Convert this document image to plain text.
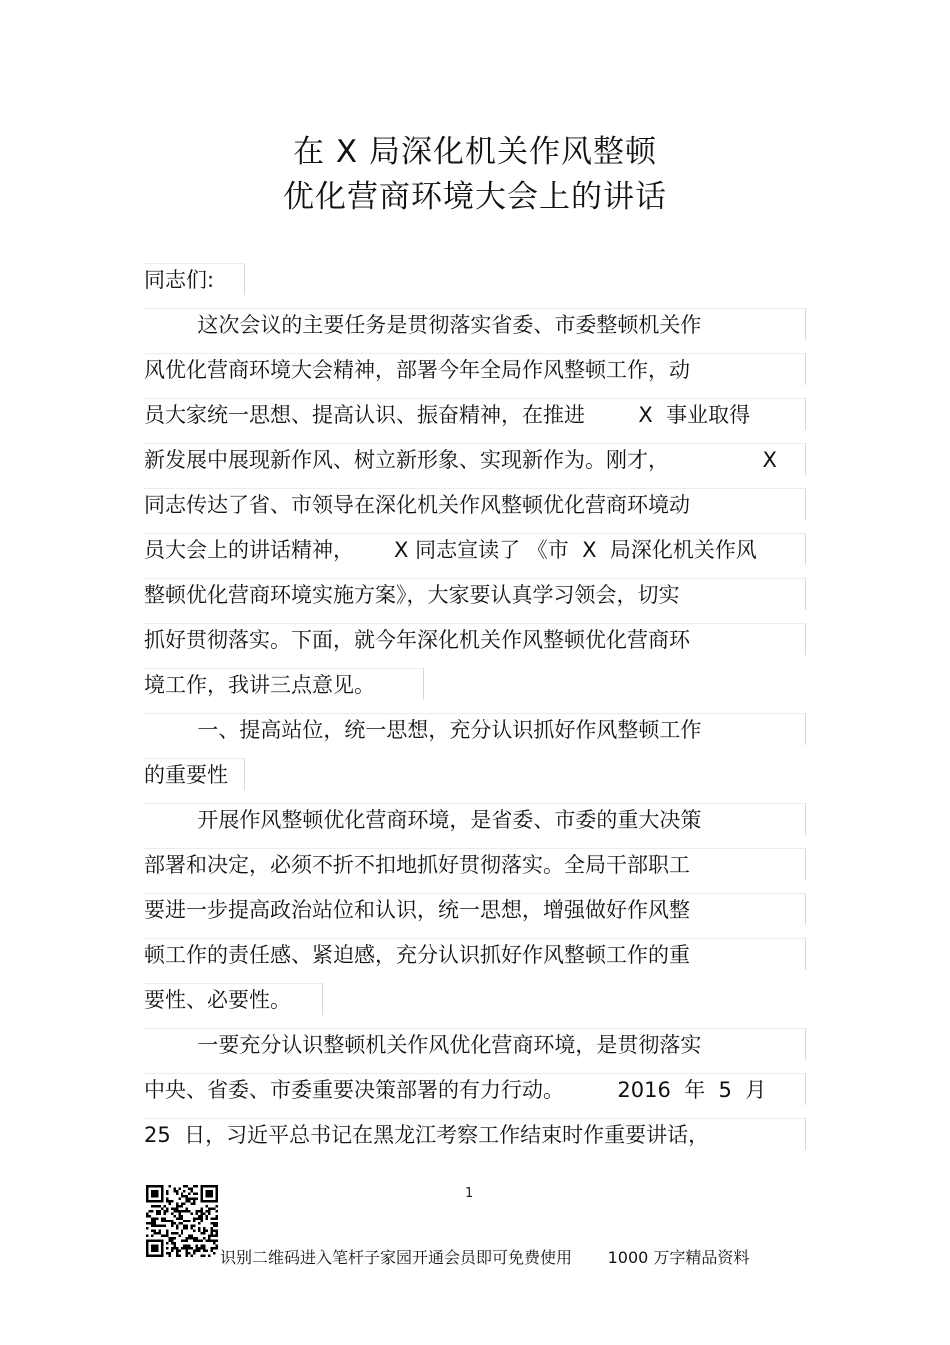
在 X 局深化机关作风整顿
优化营商环境大会上的讲话
同志们:
这次会议的主要任务是贯彻落实省委、市委整顿机关作
风优化营商环境大会精神，部署今年全局作风整顿工作，动
员大家统一思想、提高认识、振奋精神，在推进        X  事业取得
新发展中展现新作风、树立新形象、实现新作为。刚才，              X
同志传达了省、市领导在深化机关作风整顿优化营商环境动
员大会上的讲话精神，      X 同志宣读了 《市  X  局深化机关作风
整顿优化营商环境实施方案》，大家要认真学习领会，切实
抓好贯彻落实。下面，就今年深化机关作风整顿优化营商环
境工作，我讲三点意见。
一、提高站位，统一思想，充分认识抓好作风整顿工作
的重要性
开展作风整顿优化营商环境，是省委、市委的重大决策
部署和决定，必须不折不扣地抓好贯彻落实。全局干部职工
要进一步提高政治站位和认识，统一思想，增强做好作风整
顿工作的责任感、紧迫感，充分认识抓好作风整顿工作的重
要性、必要性。
一要充分认识整顿机关作风优化营商环境，是贯彻落实
中央、省委、市委重要决策部署的有力行动。        2016  年  5  月
25  日，习近平总书记在黑龙江考察工作结束时作重要讲话，
1
识别二维码进入笔杆子家园开通会员即可免费使用       1000 万字精品资料
